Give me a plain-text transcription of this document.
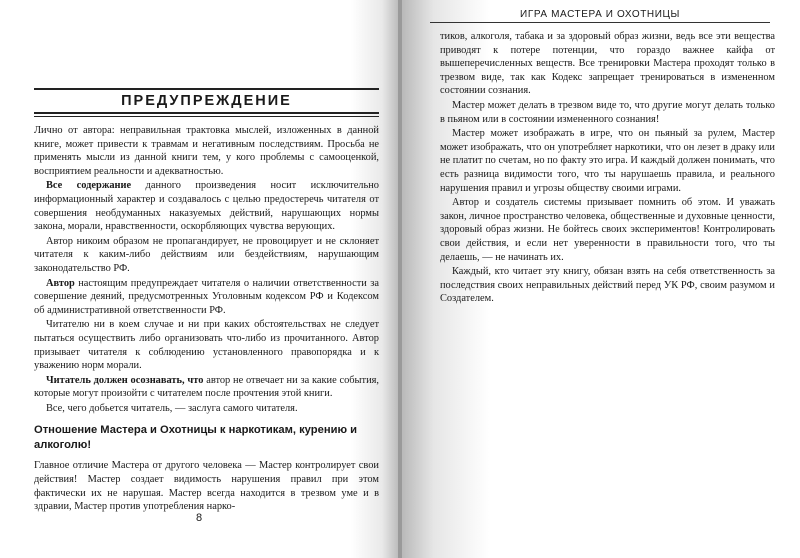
ПРЕДУПРЕЖДЕНИЕ

Лично от автора: неправильная трактовка мыслей, изложенных в данной книге, может привести к травмам и негативным последствиям. Просьба не применять мысли из данной книги тем, у кого проблемы с самооценкой, восприятием реальности и адекватностью.

Все содержание данного произведения носит исключительно информационный характер и создавалось с целью предостеречь читателя от совершения необдуманных наказуемых действий, нарушающих нормы закона, морали, нравственности, оскорбляющих чувства верующих.

Автор никоим образом не пропагандирует, не провоцирует и не склоняет читателя к каким-либо действиям или бездействиям, нарушающим законодательство РФ.

Автор настоящим предупреждает читателя о наличии ответственности за совершение деяний, предусмотренных Уголовным кодексом РФ и Кодексом об административной ответственности РФ.

Читателю ни в коем случае и ни при каких обстоятельствах не следует пытаться осуществить либо организовать что-либо из прочитанного. Автор призывает читателя к соблюдению установленного правопорядка и к уважению норм морали.

Читатель должен осознавать, что автор не отвечает ни за какие события, которые могут произойти с читателем после прочтения этой книги.

Все, чего добьется читатель, — заслуга самого читателя.

Отношение Мастера и Охотницы к наркотикам, курению и алкоголю!

Главное отличие Мастера от другого человека — Мастер контролирует свои действия! Мастер создает видимость нарушения правил при этом фактически их не нарушая. Мастер всегда находится в трезвом уме и в здравии, Мастер против употребления нарко-

8
ИГРА МАСТЕРА И ОХОТНИЦЫ

тиков, алкоголя, табака и за здоровый образ жизни, ведь все эти вещества приводят к потере потенции, что гораздо важнее кайфа от вышеперечисленных веществ. Все тренировки Мастера проходят только в трезвом виде, так как Кодекс запрещает тренироваться в измененном состоянии сознания.

Мастер может делать в трезвом виде то, что другие могут делать только в пьяном или в состоянии измененного сознания!

Мастер может изображать в игре, что он пьяный за рулем, Мастер может изображать, что он употребляет наркотики, что он лезет в драку или не платит по счетам, но по факту это игра. И каждый должен понимать, что есть разница видимости того, что ты нарушаешь правила, и реального нарушения правил и угрозы обществу своими играми.

Автор и создатель системы призывает помнить об этом. И уважать закон, личное пространство человека, общественные и духовные ценности, здоровый образ жизни. Не бойтесь своих экспериментов! Контролировать свои действия, и если нет уверенности в правильности того, что ты делаешь, — не начинать их.

Каждый, кто читает эту книгу, обязан взять на себя ответственность за последствия своих неправильных действий перед УК РФ, своим разумом и Создателем.
